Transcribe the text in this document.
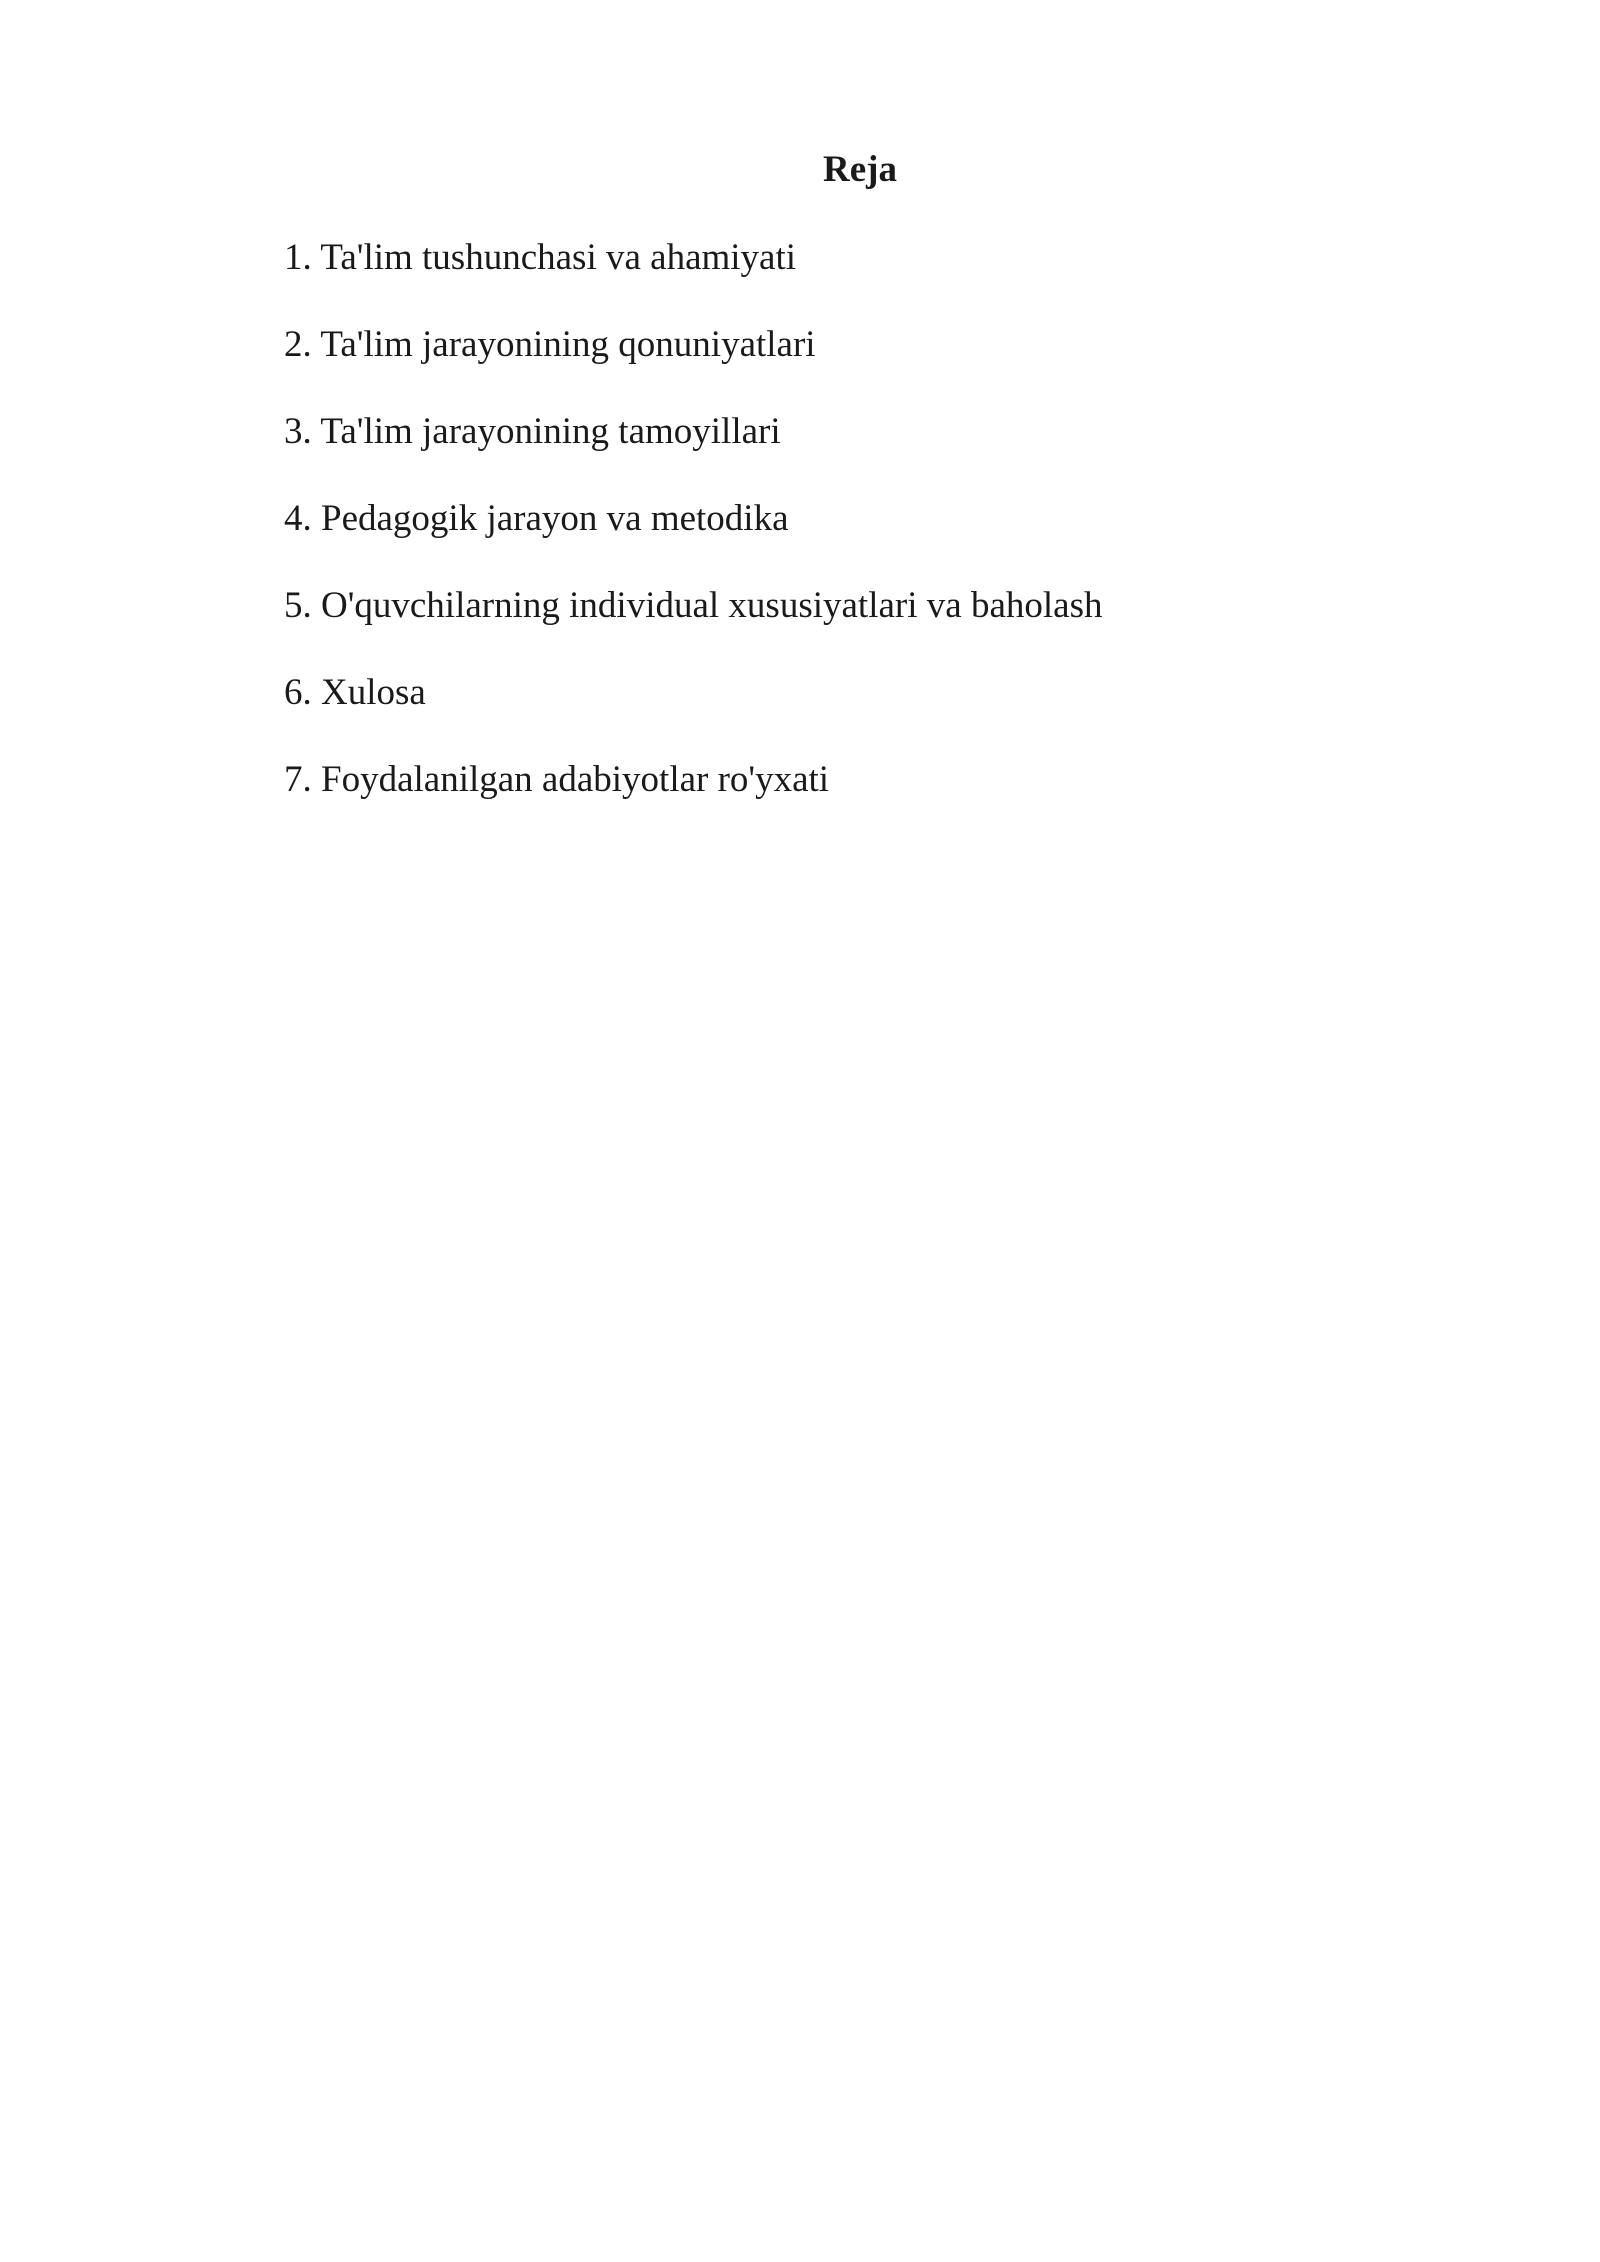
Reja
1. Ta'lim tushunchasi va ahamiyati
2. Ta'lim jarayonining qonuniyatlari
3. Ta'lim jarayonining tamoyillari
4. Pedagogik jarayon va metodika
5. O'quvchilarning individual xususiyatlari va baholash
6. Xulosa
7. Foydalanilgan adabiyotlar ro'yxati
